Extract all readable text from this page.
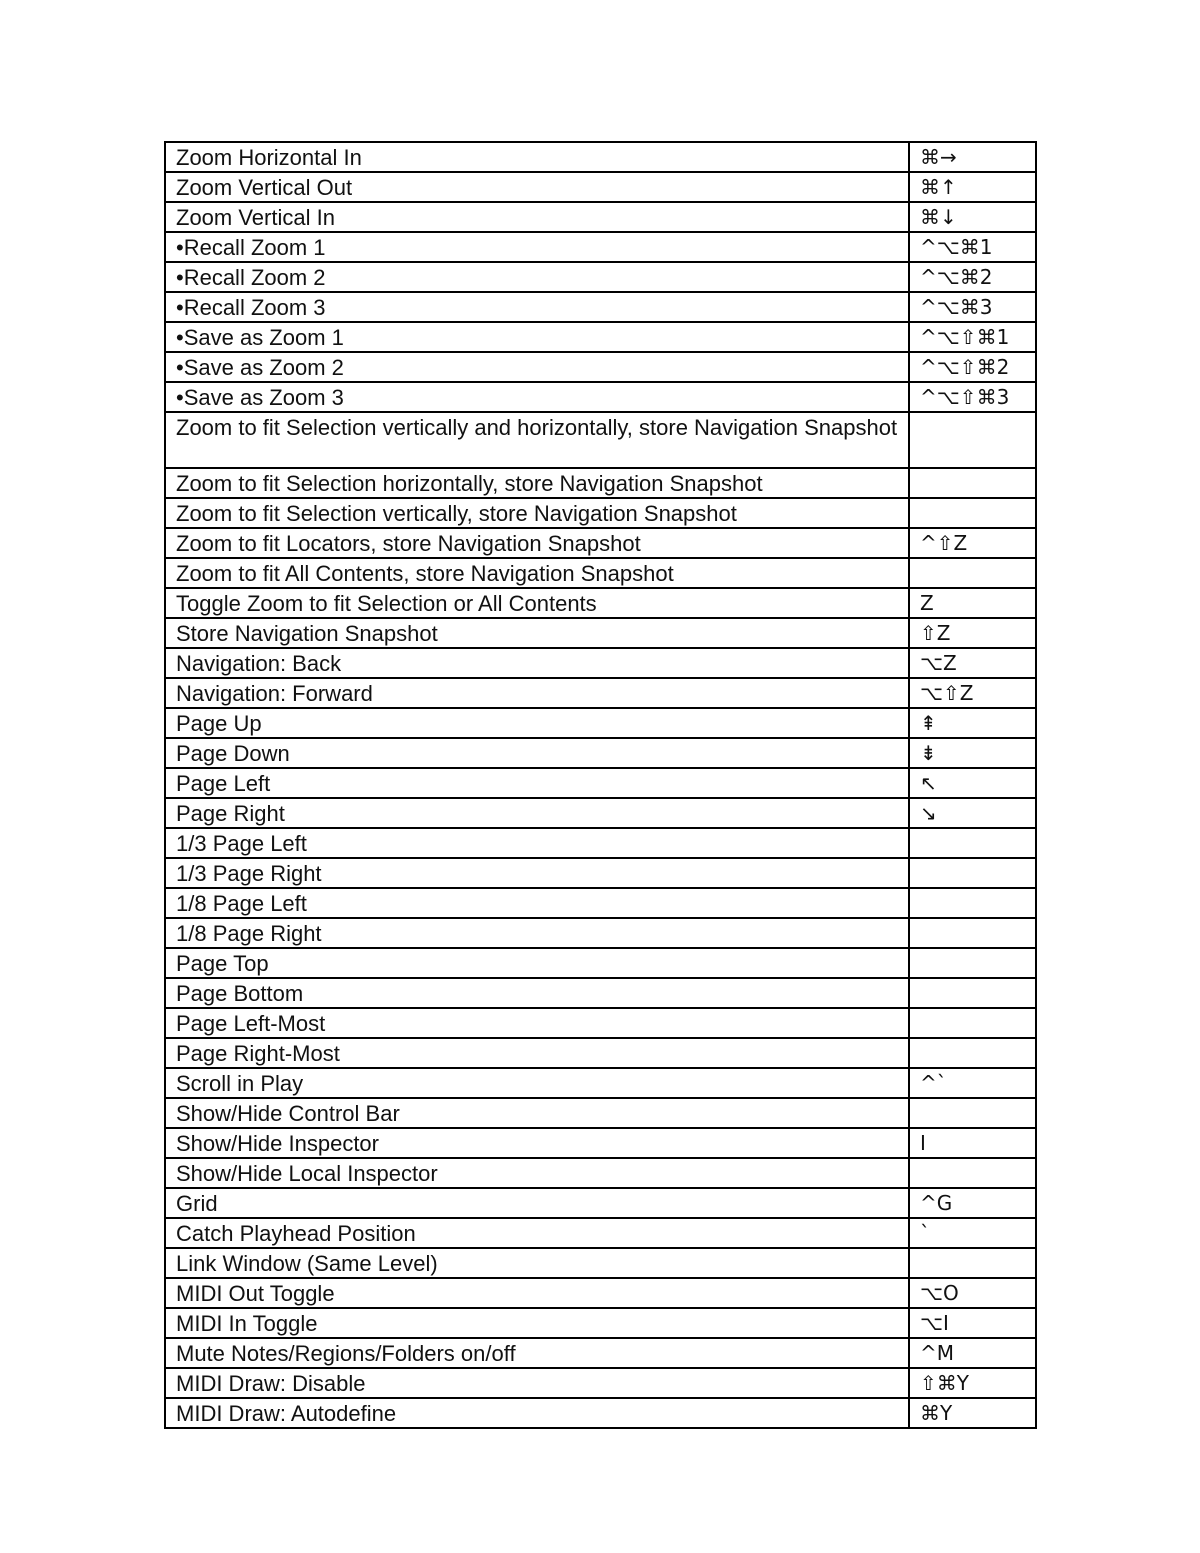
Zoom Horizontal In	⌘→
Zoom Vertical Out	⌘↑
Zoom Vertical In	⌘↓
•Recall Zoom 1	^⌥⌘1
•Recall Zoom 2	^⌥⌘2
•Recall Zoom 3	^⌥⌘3
•Save as Zoom 1	^⌥⇧⌘1
•Save as Zoom 2	^⌥⇧⌘2
•Save as Zoom 3	^⌥⇧⌘3
Zoom to fit Selection vertically and horizontally, store Navigation Snapshot	
Zoom to fit Selection horizontally, store Navigation Snapshot	
Zoom to fit Selection vertically, store Navigation Snapshot	
Zoom to fit Locators, store Navigation Snapshot	^⇧Z
Zoom to fit All Contents, store Navigation Snapshot	
Toggle Zoom to fit Selection or All Contents	Z
Store Navigation Snapshot	⇧Z
Navigation: Back	⌥Z
Navigation: Forward	⌥⇧Z
Page Up	⇞
Page Down	⇟
Page Left	↖
Page Right	↘
1/3 Page Left	
1/3 Page Right	
1/8 Page Left	
1/8 Page Right	
Page Top	
Page Bottom	
Page Left-Most	
Page Right-Most	
Scroll in Play	^`
Show/Hide Control Bar	
Show/Hide Inspector	I
Show/Hide Local Inspector	
Grid	^G
Catch Playhead Position	`
Link Window (Same Level)	
MIDI Out Toggle	⌥O
MIDI In Toggle	⌥I
Mute Notes/Regions/Folders on/off	^M
MIDI Draw: Disable	⇧⌘Y
MIDI Draw: Autodefine	⌘Y
